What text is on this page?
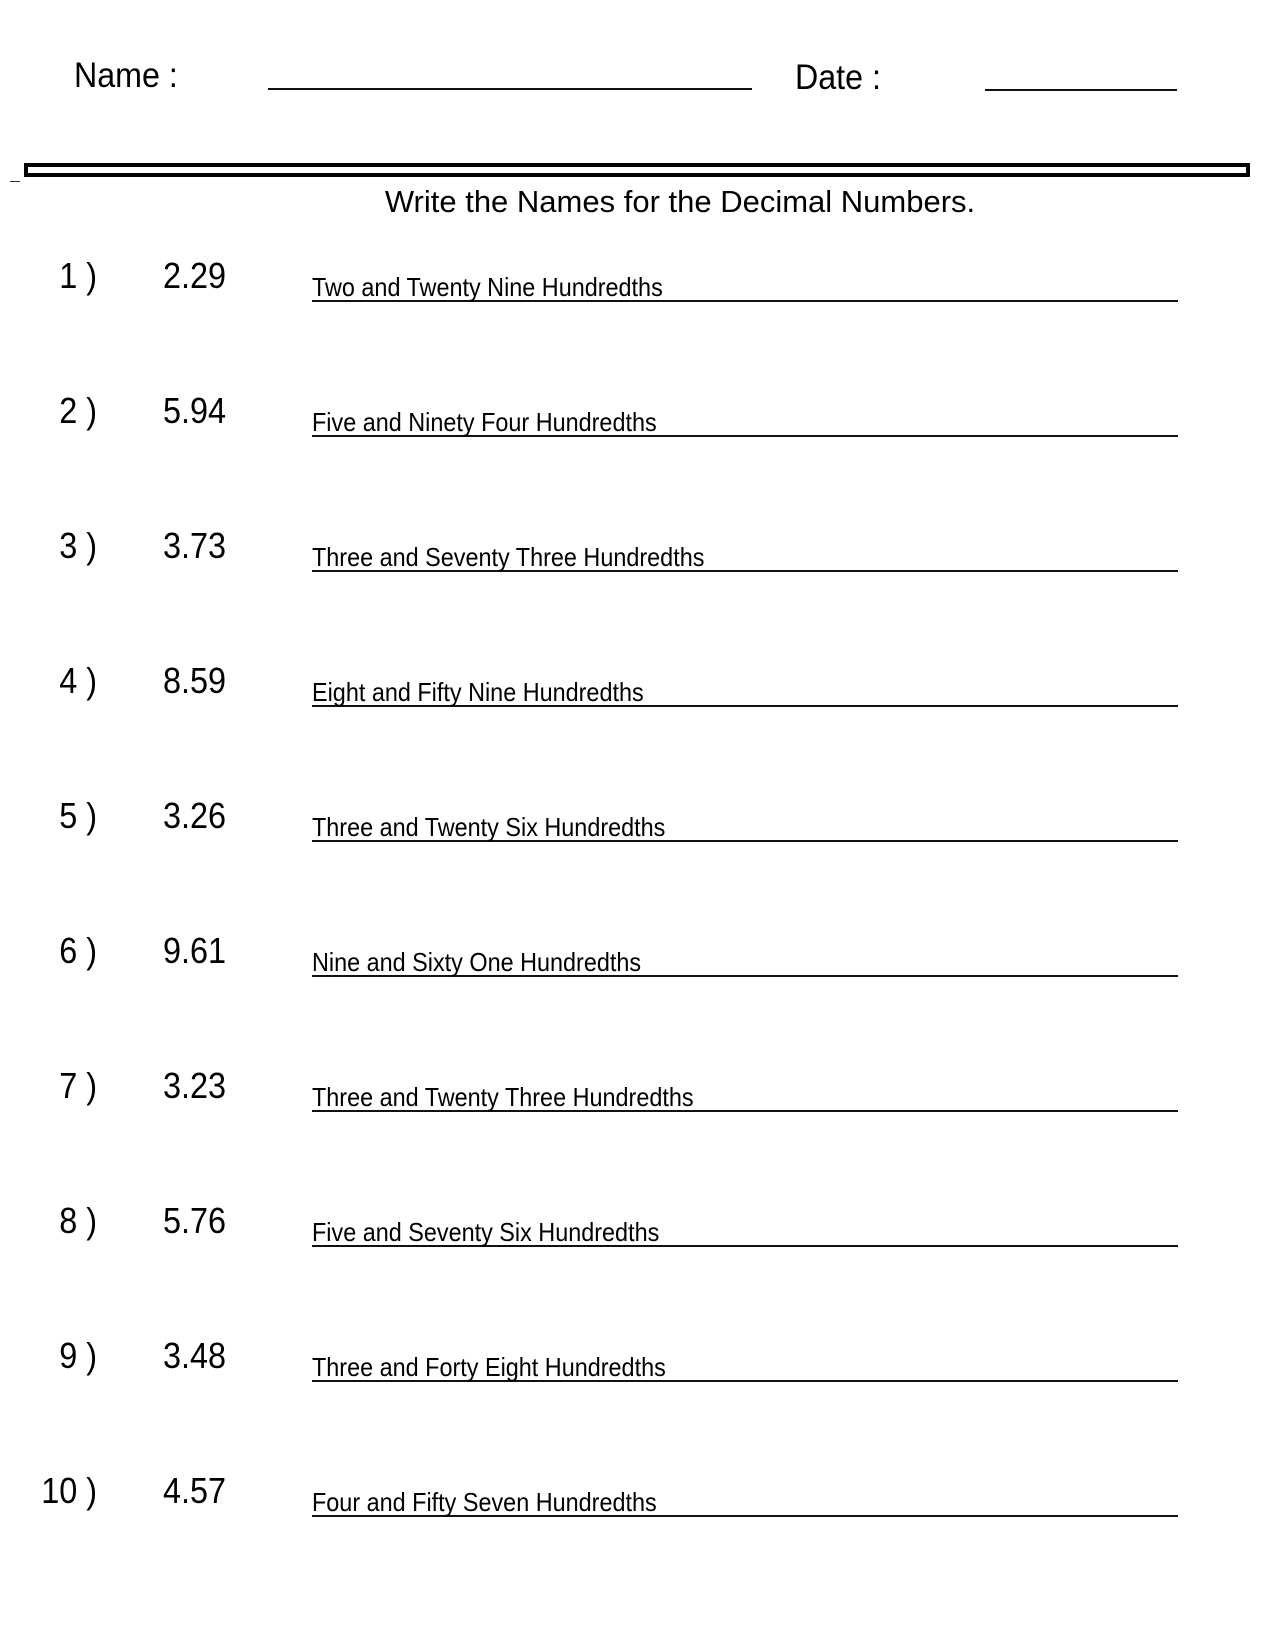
Name :	Date :
Write the Names for the Decimal Numbers.
1 ) 2.29	Two and Twenty Nine Hundredths
2 ) 5.94	Five and Ninety Four Hundredths
3 ) 3.73	Three and Seventy Three Hundredths
4 ) 8.59	Eight and Fifty Nine Hundredths
5 ) 3.26	Three and Twenty Six Hundredths
6 ) 9.61	Nine and Sixty One Hundredths
7 ) 3.23	Three and Twenty Three Hundredths
8 ) 5.76	Five and Seventy Six Hundredths
9 ) 3.48	Three and Forty Eight Hundredths
10 ) 4.57	Four and Fifty Seven Hundredths
